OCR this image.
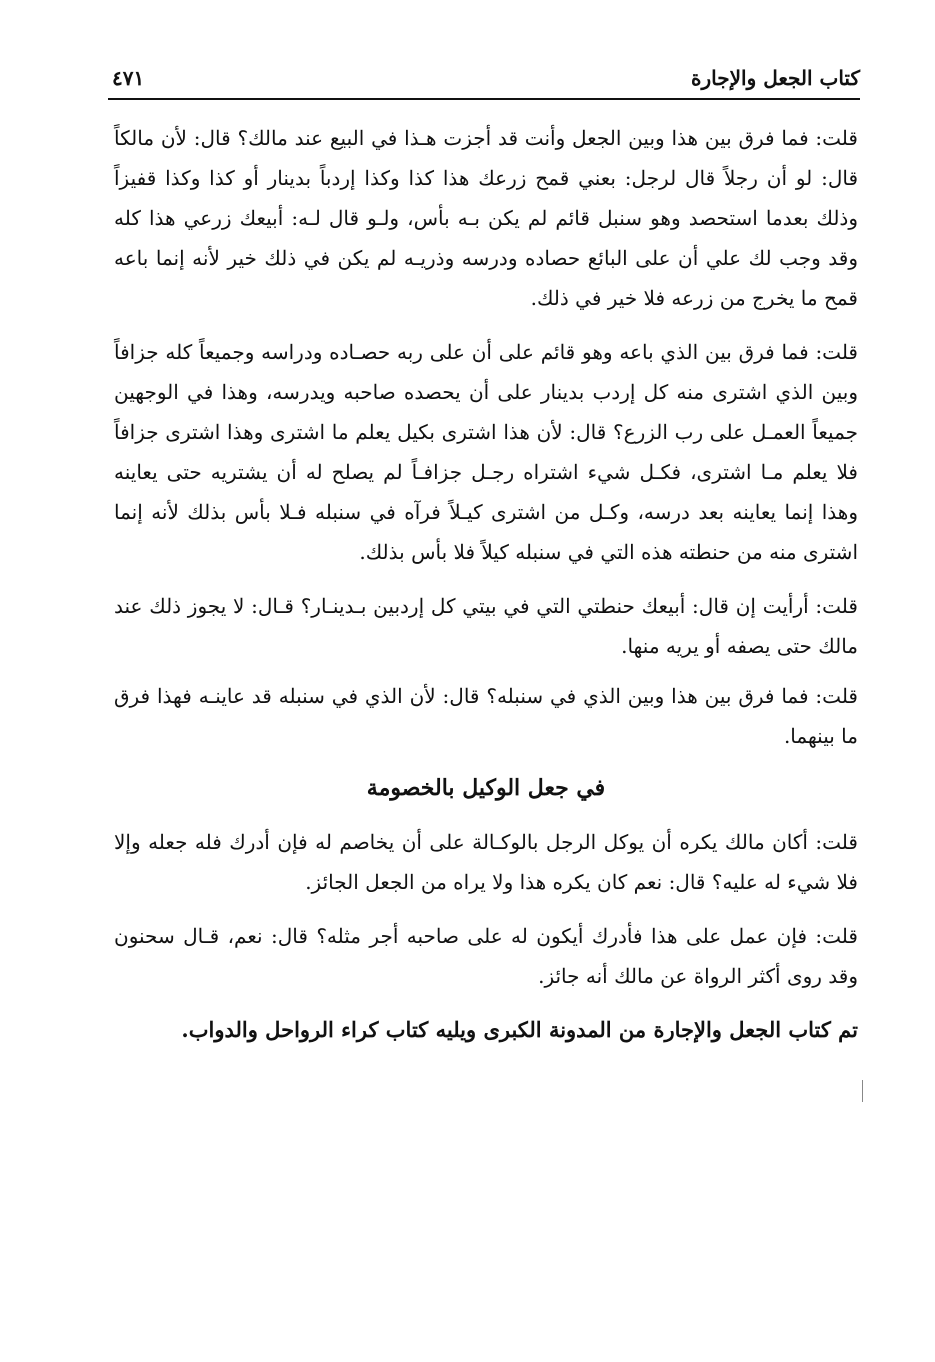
كتاب الجعل والإجارة
٤٧١

قلت: فما فرق بين هذا وبين الجعل وأنت قد أجزت هـذا في البيع عند مالك؟ قال: لأن مالكاً قال: لو أن رجلاً قال لرجل: بعني قمح زرعك هذا كذا وكذا إردباً بدينار أو كذا وكذا قفيزاً وذلك بعدما استحصد وهو سنبل قائم لم يكن بـه بأس، ولـو قال لـه: أبيعك زرعي هذا كله وقد وجب لك علي أن على البائع حصاده ودرسه وذريـه لم يكن في ذلك خير لأنه إنما باعه قمح ما يخرج من زرعه فلا خير في ذلك.

قلت: فما فرق بين الذي باعه وهو قائم على أن على ربه حصـاده ودراسه وجميعاً كله جزافاً وبين الذي اشترى منه كل إردب بدينار على أن يحصده صاحبه ويدرسه، وهذا في الوجهين جميعاً العمـل على رب الزرع؟ قال: لأن هذا اشترى بكيل يعلم ما اشترى وهذا اشترى جزافاً فلا يعلم مـا اشترى، فكـل شيء اشتراه رجـل جزافـاً لم يصلح له أن يشتريه حتى يعاينه وهذا إنما يعاينه بعد درسه، وكـل من اشترى كيـلاً فرآه في سنبله فـلا بأس بذلك لأنه إنما اشترى منه من حنطته هذه التي في سنبله كيلاً فلا بأس بذلك.

قلت: أرأيت إن قال: أبيعك حنطتي التي في بيتي كل إردبين بـدينـار؟ قـال: لا يجوز ذلك عند مالك حتى يصفه أو يريه منها.

قلت: فما فرق بين هذا وبين الذي في سنبله؟ قال: لأن الذي في سنبله قد عاينـه فهذا فرق ما بينهما.

في جعل الوكيل بالخصومة

قلت: أكان مالك يكره أن يوكل الرجل بالوكـالة على أن يخاصم له فإن أدرك فله جعله وإلا فلا شيء له عليه؟ قال: نعم كان يكره هذا ولا يراه من الجعل الجائز.

قلت: فإن عمل على هذا فأدرك أيكون له على صاحبه أجر مثله؟ قال: نعم، قـال سحنون وقد روى أكثر الرواة عن مالك أنه جائز.

تم كتاب الجعل والإجارة من المدونة الكبرى ويليه كتاب كراء الرواحل والدواب.
